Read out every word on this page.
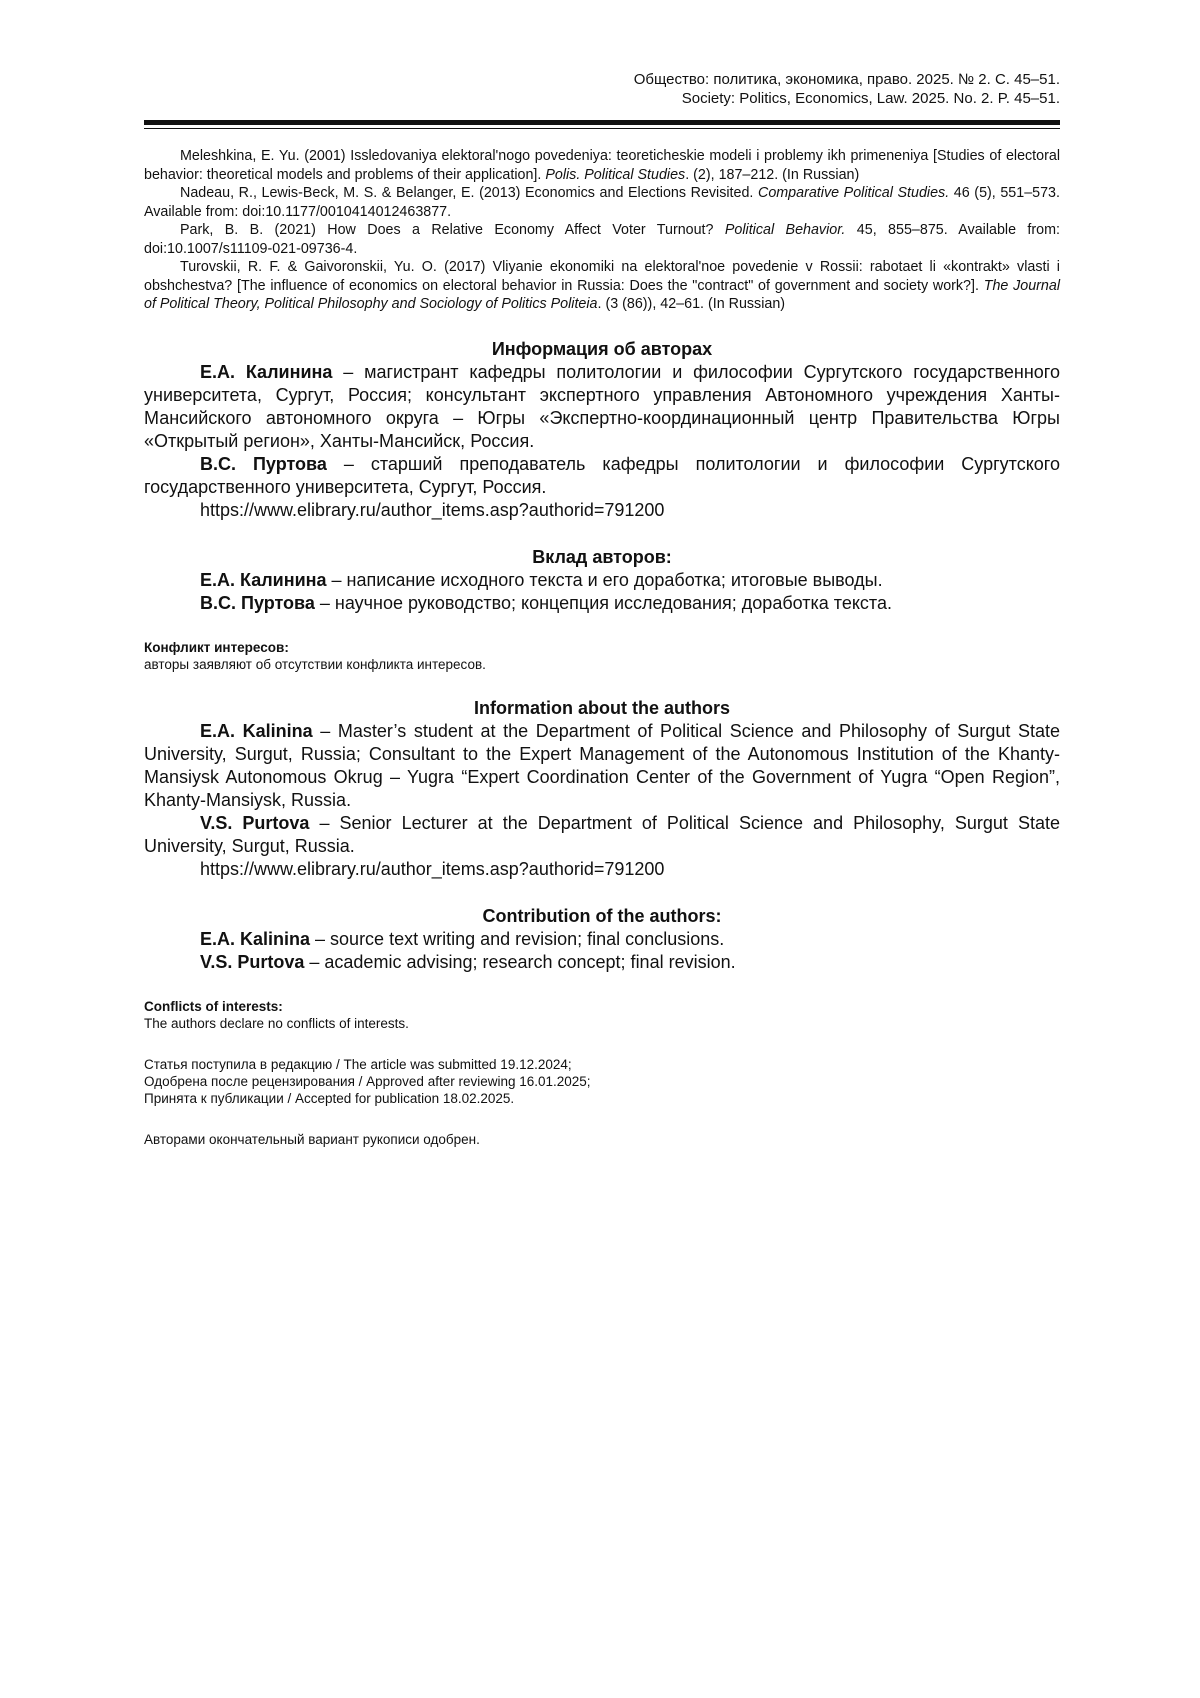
Общество: политика, экономика, право. 2025. № 2. С. 45–51.
Society: Politics, Economics, Law. 2025. No. 2. P. 45–51.
Meleshkina, E. Yu. (2001) Issledovaniya elektoral'nogo povedeniya: teoreticheskie modeli i problemy ikh primeneniya [Studies of electoral behavior: theoretical models and problems of their application]. Polis. Political Studies. (2), 187–212. (In Russian)
Nadeau, R., Lewis-Beck, M. S. & Belanger, E. (2013) Economics and Elections Revisited. Comparative Political Studies. 46 (5), 551–573. Available from: doi:10.1177/0010414012463877.
Park, B. B. (2021) How Does a Relative Economy Affect Voter Turnout? Political Behavior. 45, 855–875. Available from: doi:10.1007/s11109-021-09736-4.
Turovskii, R. F. & Gaivoronskii, Yu. O. (2017) Vliyanie ekonomiki na elektoral'noe povedenie v Rossii: rabotaet li «kontrakt» vlasti i obshchestva? [The influence of economics on electoral behavior in Russia: Does the "contract" of government and society work?]. The Journal of Political Theory, Political Philosophy and Sociology of Politics Politeia. (3 (86)), 42–61. (In Russian)
Информация об авторах
Е.А. Калинина – магистрант кафедры политологии и философии Сургутского государственного университета, Сургут, Россия; консультант экспертного управления Автономного учреждения Ханты-Мансийского автономного округа – Югры «Экспертно-координационный центр Правительства Югры «Открытый регион», Ханты-Мансийск, Россия.
В.С. Пуртова – старший преподаватель кафедры политологии и философии Сургутского государственного университета, Сургут, Россия.
https://www.elibrary.ru/author_items.asp?authorid=791200
Вклад авторов:
Е.А. Калинина – написание исходного текста и его доработка; итоговые выводы.
В.С. Пуртова – научное руководство; концепция исследования; доработка текста.
Конфликт интересов:
авторы заявляют об отсутствии конфликта интересов.
Information about the authors
E.A. Kalinina – Master’s student at the Department of Political Science and Philosophy of Surgut State University, Surgut, Russia; Consultant to the Expert Management of the Autonomous Institution of the Khanty-Mansiysk Autonomous Okrug – Yugra “Expert Coordination Center of the Government of Yugra “Open Region”, Khanty-Mansiysk, Russia.
V.S. Purtova – Senior Lecturer at the Department of Political Science and Philosophy, Surgut State University, Surgut, Russia.
https://www.elibrary.ru/author_items.asp?authorid=791200
Contribution of the authors:
E.A. Kalinina – source text writing and revision; final conclusions.
V.S. Purtova – academic advising; research concept; final revision.
Conflicts of interests:
The authors declare no conflicts of interests.
Статья поступила в редакцию / The article was submitted 19.12.2024;
Одобрена после рецензирования / Approved after reviewing 16.01.2025;
Принята к публикации / Accepted for publication 18.02.2025.
Авторами окончательный вариант рукописи одобрен.
